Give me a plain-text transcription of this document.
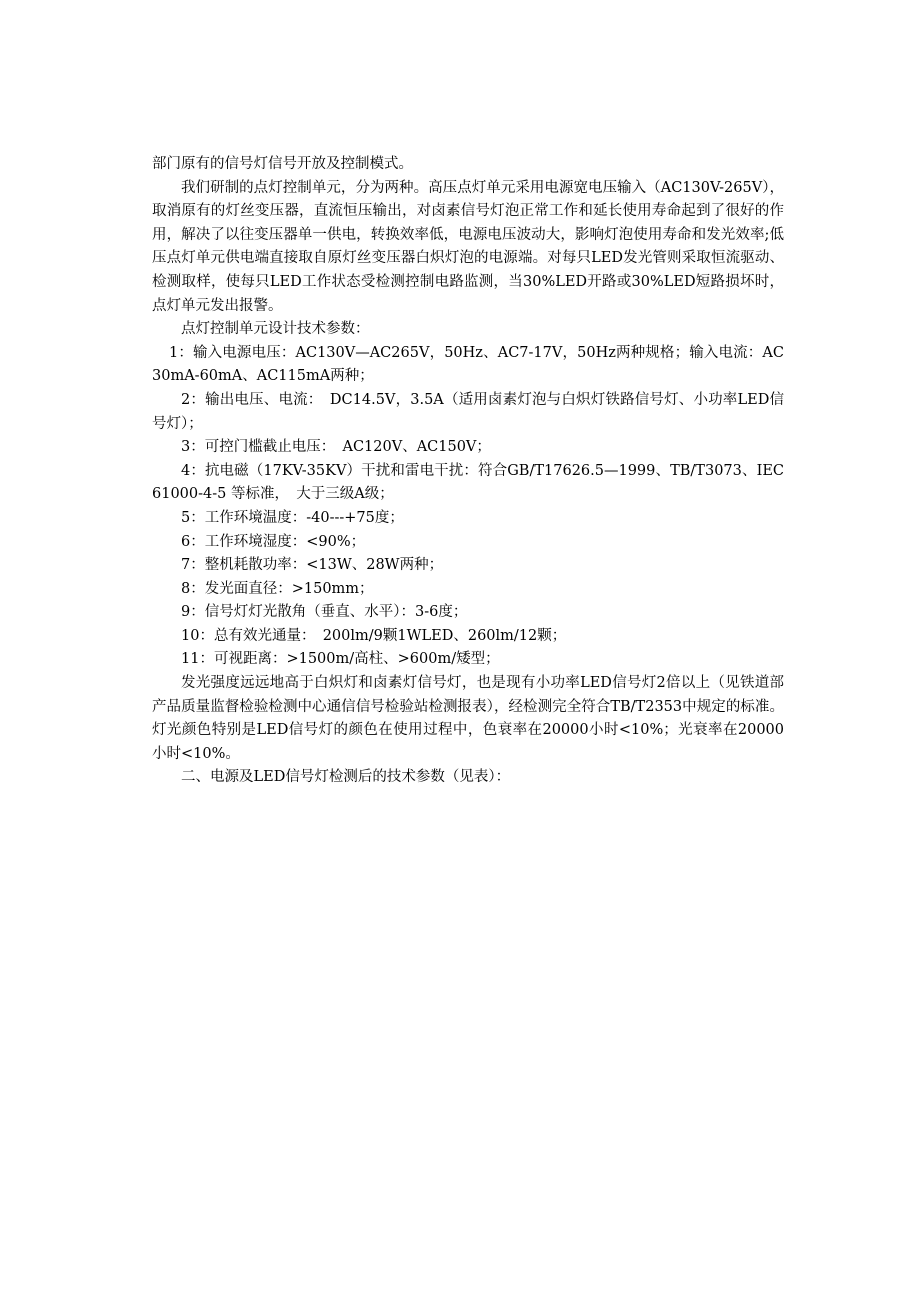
部门原有的信号灯信号开放及控制模式。

我们研制的点灯控制单元，分为两种。高压点灯单元采用电源宽电压输入（AC130V-265V），取消原有的灯丝变压器，直流恒压输出，对卤素信号灯泡正常工作和延长使用寿命起到了很好的作用，解决了以往变压器单一供电，转换效率低，电源电压波动大，影响灯泡使用寿命和发光效率;低压点灯单元供电端直接取自原灯丝变压器白炽灯泡的电源端。对每只LED发光管则采取恒流驱动、检测取样，使每只LED工作状态受检测控制电路监测，当30%LED开路或30%LED短路损坏时，点灯单元发出报警。

点灯控制单元设计技术参数：

1：输入电源电压：AC130V—AC265V，50Hz、AC7-17V，50Hz两种规格；输入电流：AC30mA-60mA、AC115mA两种；

2：输出电压、电流：　DC14.5V，3.5A（适用卤素灯泡与白炽灯铁路信号灯、小功率LED信号灯）；

3：可控门槛截止电压：　AC120V、AC150V；

4：抗电磁（17KV-35KV）干扰和雷电干扰：符合GB/T17626.5—1999、TB/T3073、IEC61000-4-5 等标准，　大于三级A级；

5：工作环境温度：-40---+75度；

6：工作环境湿度：<90%；

7：整机耗散功率：<13W、28W两种；

8：发光面直径：>150mm；

9：信号灯灯光散角（垂直、水平）：3-6度；

10：总有效光通量：　200lm/9颗1WLED、260lm/12颗；

11：可视距离：>1500m/高柱、>600m/矮型；

发光强度远远地高于白炽灯和卤素灯信号灯，也是现有小功率LED信号灯2倍以上（见铁道部产品质量监督检验检测中心通信信号检验站检测报表），经检测完全符合TB/T2353中规定的标准。灯光颜色特别是LED信号灯的颜色在使用过程中，色衰率在20000小时<10%；光衰率在20000小时<10%。

二、电源及LED信号灯检测后的技术参数（见表）：
